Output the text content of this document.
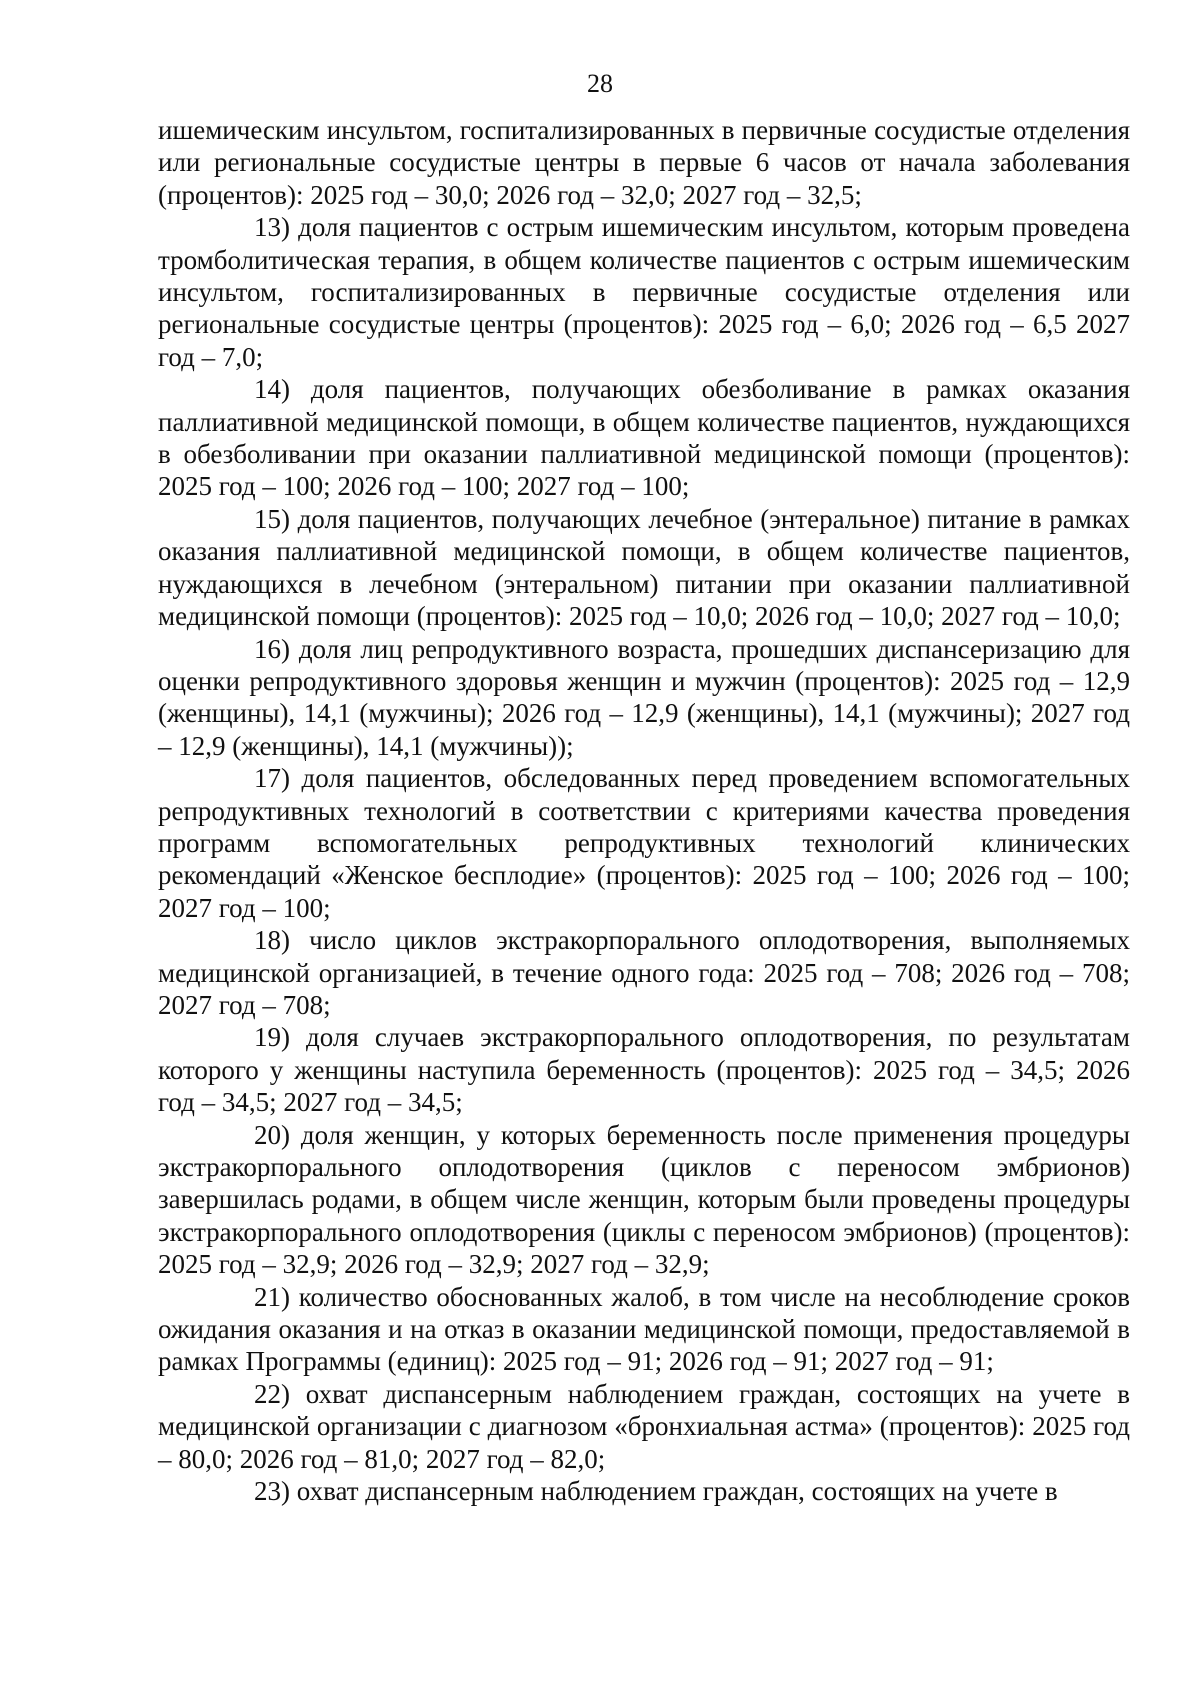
28

ишемическим инсультом, госпитализированных в первичные сосудистые отделения или региональные сосудистые центры в первые 6 часов от начала заболевания (процентов): 2025 год – 30,0; 2026 год – 32,0; 2027 год – 32,5;

13) доля пациентов с острым ишемическим инсультом, которым проведена тромболитическая терапия, в общем количестве пациентов с острым ишемическим инсультом, госпитализированных в первичные сосудистые отделения или региональные сосудистые центры (процентов): 2025 год – 6,0; 2026 год – 6,5 2027 год – 7,0;

14) доля пациентов, получающих обезболивание в рамках оказания паллиативной медицинской помощи, в общем количестве пациентов, нуждающихся в обезболивании при оказании паллиативной медицинской помощи (процентов): 2025 год – 100; 2026 год – 100; 2027 год – 100;

15) доля пациентов, получающих лечебное (энтеральное) питание в рамках оказания паллиативной медицинской помощи, в общем количестве пациентов, нуждающихся в лечебном (энтеральном) питании при оказании паллиативной медицинской помощи (процентов): 2025 год – 10,0; 2026 год – 10,0; 2027 год – 10,0;

16) доля лиц репродуктивного возраста, прошедших диспансеризацию для оценки репродуктивного здоровья женщин и мужчин (процентов): 2025 год – 12,9 (женщины), 14,1 (мужчины); 2026 год – 12,9 (женщины), 14,1 (мужчины); 2027 год – 12,9 (женщины), 14,1 (мужчины));

17) доля пациентов, обследованных перед проведением вспомогательных репродуктивных технологий в соответствии с критериями качества проведения программ вспомогательных репродуктивных технологий клинических рекомендаций «Женское бесплодие» (процентов): 2025 год – 100; 2026 год – 100; 2027 год – 100;

18) число циклов экстракорпорального оплодотворения, выполняемых медицинской организацией, в течение одного года: 2025 год – 708; 2026 год – 708; 2027 год – 708;

19) доля случаев экстракорпорального оплодотворения, по результатам которого у женщины наступила беременность (процентов): 2025 год – 34,5; 2026 год – 34,5; 2027 год – 34,5;

20) доля женщин, у которых беременность после применения процедуры экстракорпорального оплодотворения (циклов с переносом эмбрионов) завершилась родами, в общем числе женщин, которым были проведены процедуры экстракорпорального оплодотворения (циклы с переносом эмбрионов) (процентов): 2025 год – 32,9; 2026 год – 32,9; 2027 год – 32,9;

21) количество обоснованных жалоб, в том числе на несоблюдение сроков ожидания оказания и на отказ в оказании медицинской помощи, предоставляемой в рамках Программы (единиц): 2025 год – 91; 2026 год – 91; 2027 год – 91;

22) охват диспансерным наблюдением граждан, состоящих на учете в медицинской организации с диагнозом «бронхиальная астма» (процентов): 2025 год – 80,0; 2026 год – 81,0; 2027 год – 82,0;

23) охват диспансерным наблюдением граждан, состоящих на учете в
